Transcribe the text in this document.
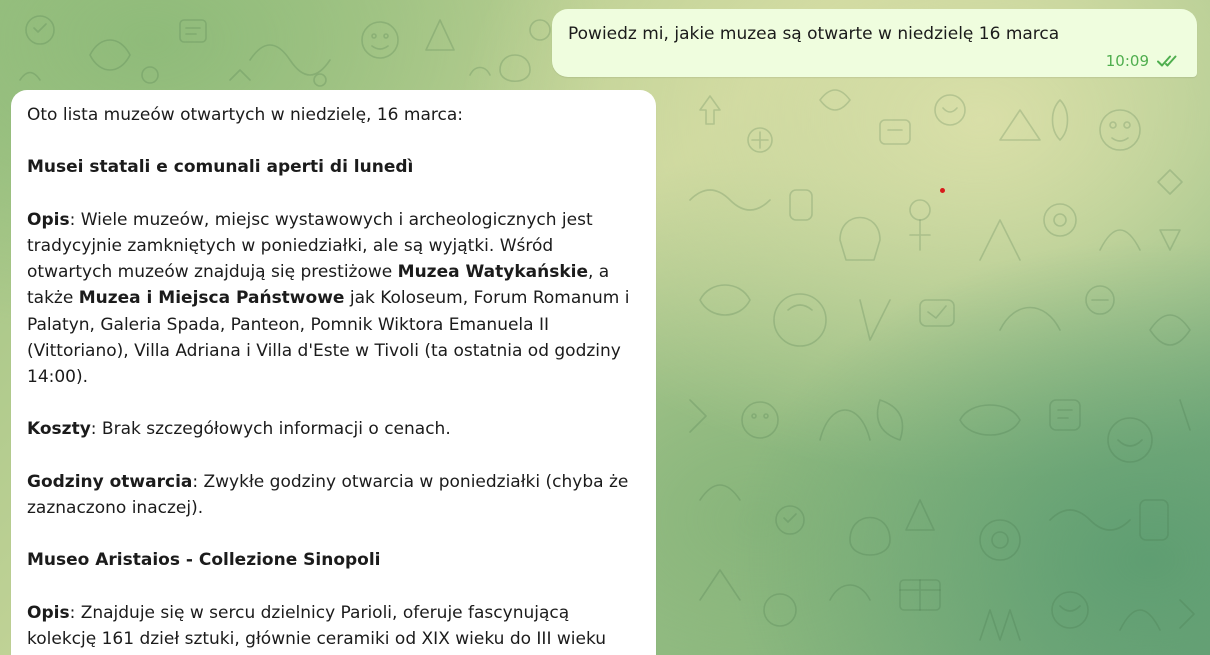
Powiedz mi, jakie muzea są otwarte w niedzielę 16 marca
10:09

Oto lista muzeów otwartych w niedzielę, 16 marca:

Musei statali e comunali aperti di lunedì

Opis: Wiele muzeów, miejsc wystawowych i archeologicznych jest tradycyjnie zamkniętych w poniedziałki, ale są wyjątki. Wśród otwartych muzeów znajdują się prestiżowe Muzea Watykańskie, a także Muzea i Miejsca Państwowe jak Koloseum, Forum Romanum i Palatyn, Galeria Spada, Panteon, Pomnik Wiktora Emanuela II (Vittoriano), Villa Adriana i Villa d'Este w Tivoli (ta ostatnia od godziny 14:00).

Koszty: Brak szczegółowych informacji o cenach.

Godziny otwarcia: Zwykłe godziny otwarcia w poniedziałki (chyba że zaznaczono inaczej).

Museo Aristaios - Collezione Sinopoli

Opis: Znajduje się w sercu dzielnicy Parioli, oferuje fascynującą kolekcję 161 dzieł sztuki, głównie ceramiki od XIX wieku do III wieku
